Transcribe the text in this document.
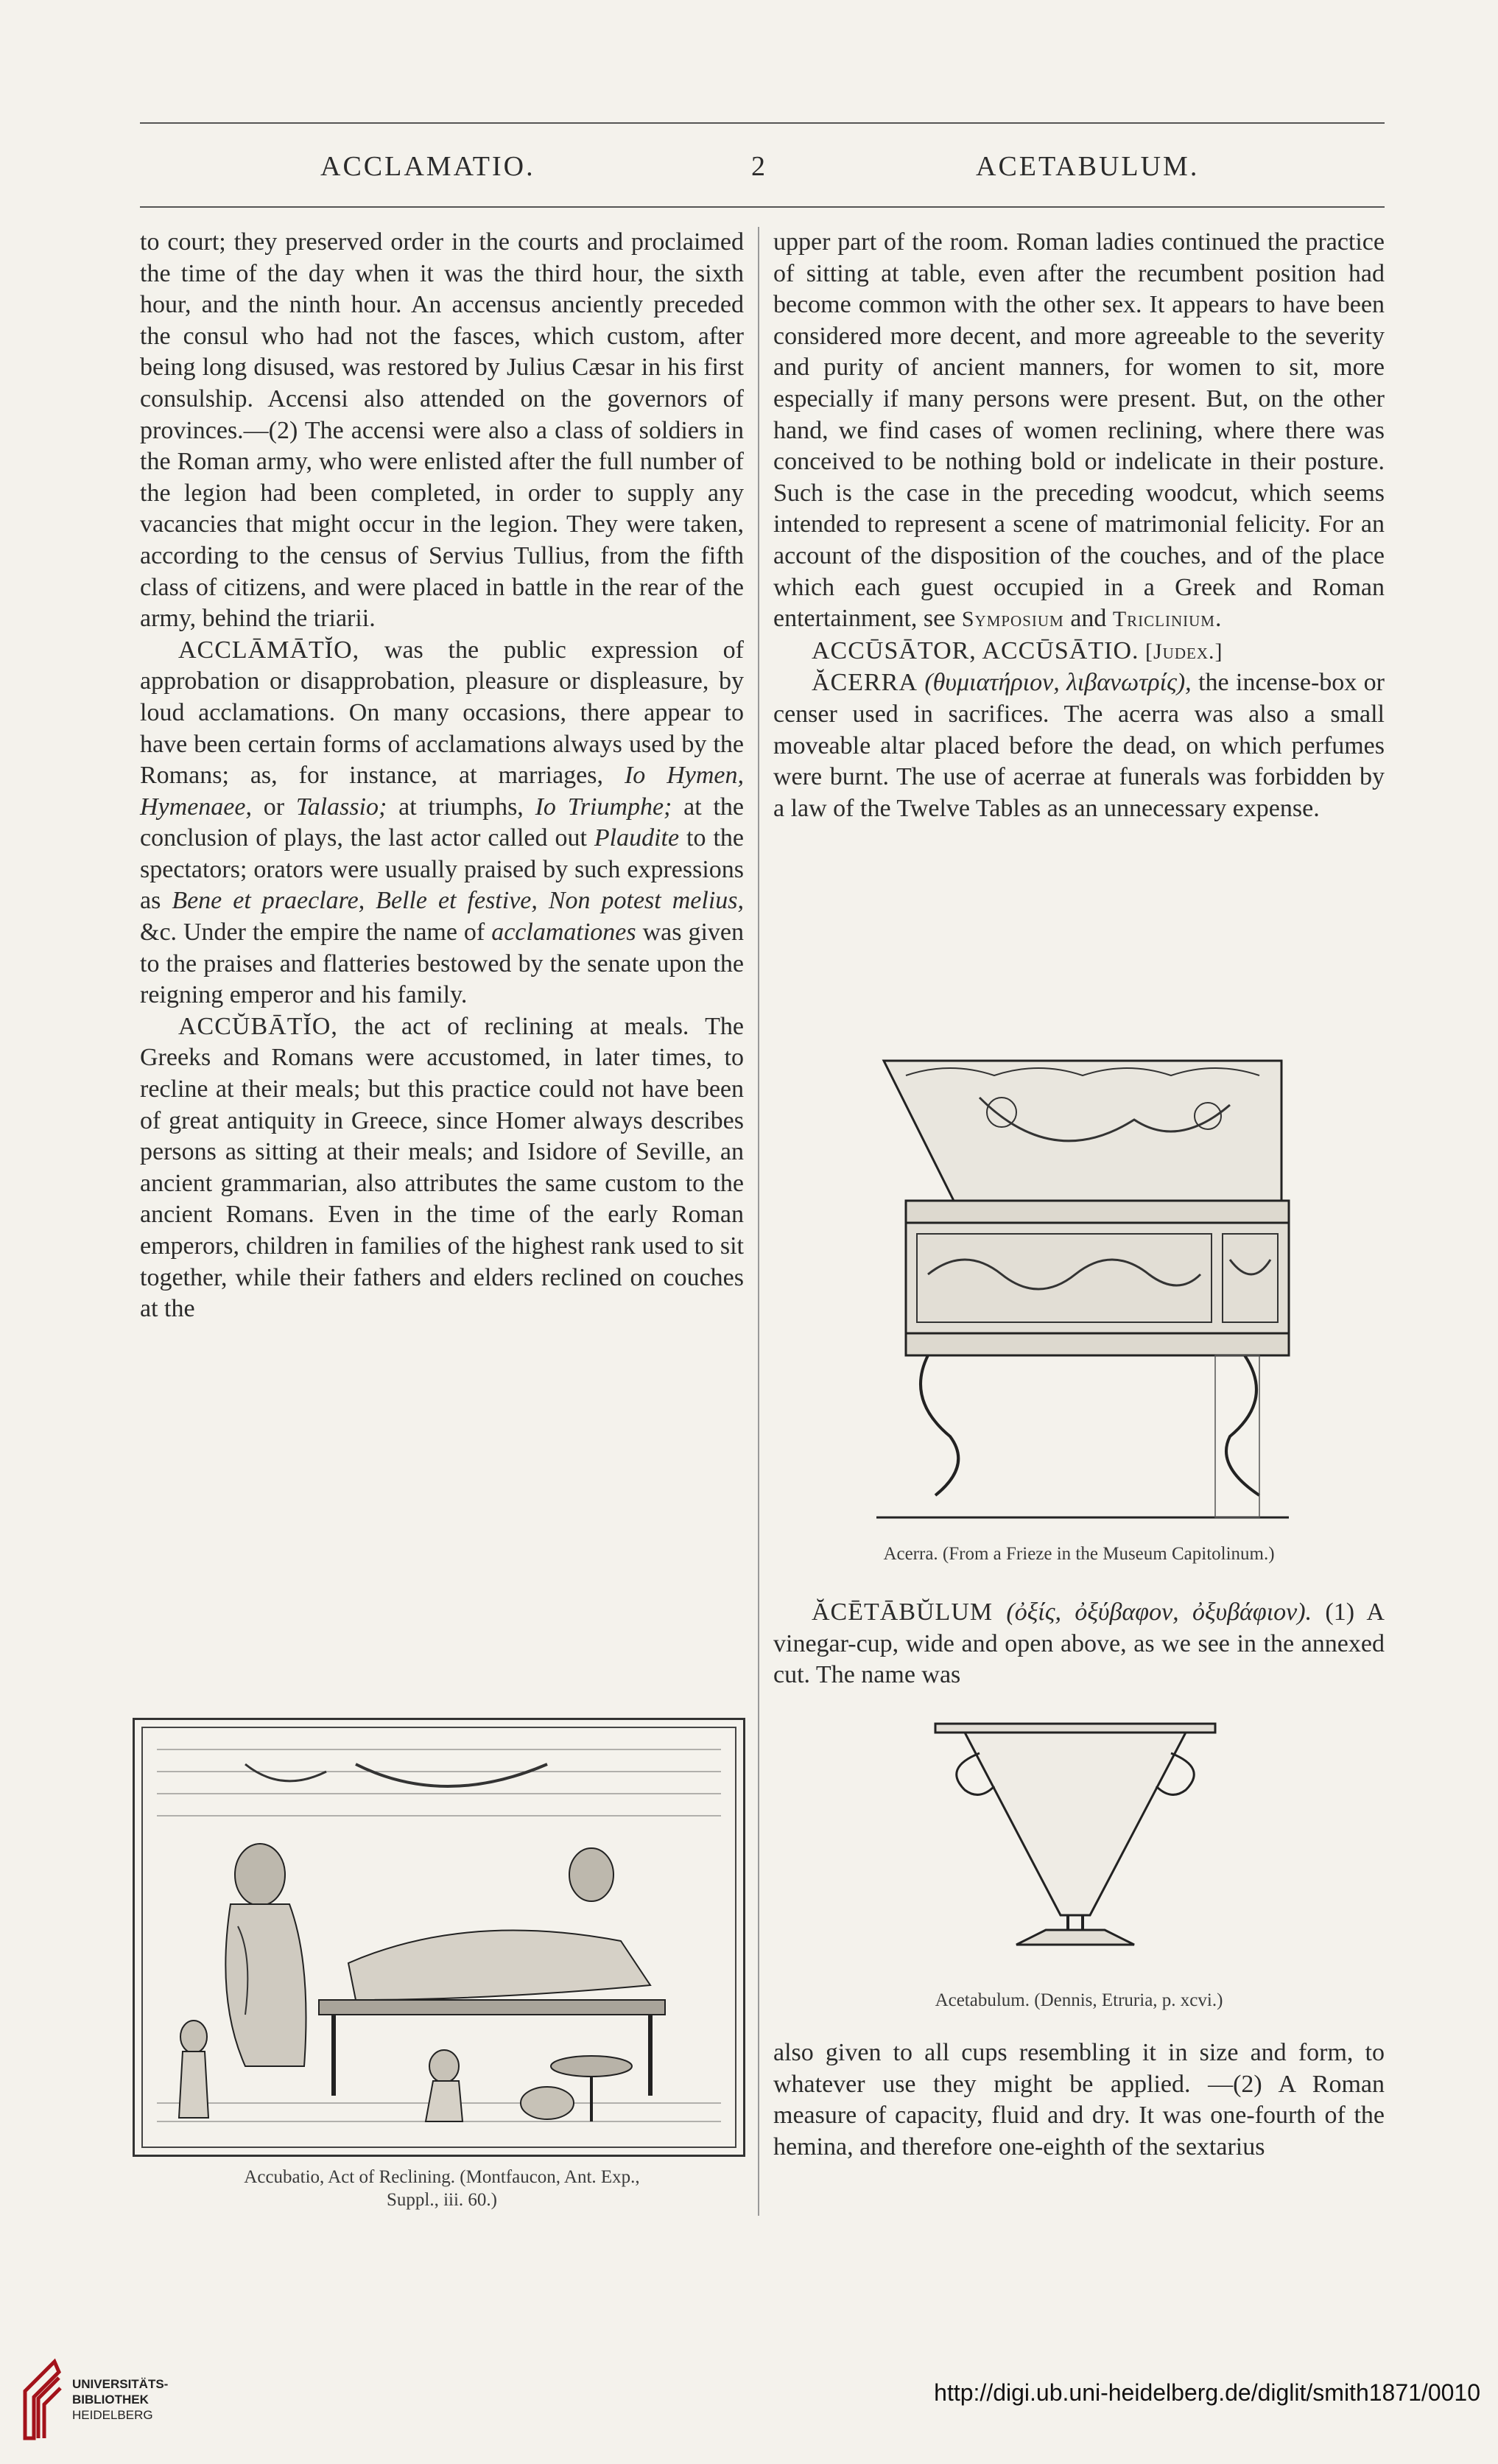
ACCLAMATIO.	2	ACETABULUM.

to court; they preserved order in the courts and proclaimed the time of the day when it was the third hour, the sixth hour, and the ninth hour. An accensus anciently preceded the consul who had not the fasces, which custom, after being long disused, was restored by Julius Cæsar in his first consulship. Accensi also attended on the governors of provinces.—(2) The accensi were also a class of soldiers in the Roman army, who were enlisted after the full number of the legion had been completed, in order to supply any vacancies that might occur in the legion. They were taken, according to the census of Servius Tullius, from the fifth class of citizens, and were placed in battle in the rear of the army, behind the triarii.

ACCLĀMĀTĬO, was the public expression of approbation or disapprobation, pleasure or displeasure, by loud acclamations. On many occasions, there appear to have been certain forms of acclamations always used by the Romans; as, for instance, at marriages, Io Hymen, Hymenaee, or Talassio; at triumphs, Io Triumphe; at the conclusion of plays, the last actor called out Plaudite to the spectators; orators were usually praised by such expressions as Bene et praeclare, Belle et festive, Non potest melius, &c. Under the empire the name of acclamationes was given to the praises and flatteries bestowed by the senate upon the reigning emperor and his family.

ACCŬBĀTĬO, the act of reclining at meals. The Greeks and Romans were accustomed, in later times, to recline at their meals; but this practice could not have been of great antiquity in Greece, since Homer always describes persons as sitting at their meals; and Isidore of Seville, an ancient grammarian, also attributes the same custom to the ancient Romans. Even in the time of the early Roman emperors, children in families of the highest rank used to sit together, while their fathers and elders reclined on couches at the

Accubatio, Act of Reclining. (Montfaucon, Ant. Exp.,
Suppl., iii. 60.)

upper part of the room. Roman ladies continued the practice of sitting at table, even after the recumbent position had become common with the other sex. It appears to have been considered more decent, and more agreeable to the severity and purity of ancient manners, for women to sit, more especially if many persons were present. But, on the other hand, we find cases of women reclining, where there was conceived to be nothing bold or indelicate in their posture. Such is the case in the preceding woodcut, which seems intended to represent a scene of matrimonial felicity. For an account of the disposition of the couches, and of the place which each guest occupied in a Greek and Roman entertainment, see Symposium and Triclinium.

ACCŪSĀTOR, ACCŪSĀTIO. [Judex.]

ĂCERRA (θυμιατήριον, λιβανωτρίς), the incense-box or censer used in sacrifices. The acerra was also a small moveable altar placed before the dead, on which perfumes were burnt. The use of acerrae at funerals was forbidden by a law of the Twelve Tables as an unnecessary expense.

Acerra. (From a Frieze in the Museum Capitolinum.)

ĂCĒTĀBŬLUM (ὀξίς, ὀξύβαφον, ὀξυβάφιον). (1) A vinegar-cup, wide and open above, as we see in the annexed cut. The name was

Acetabulum. (Dennis, Etruria, p. xcvi.)

also given to all cups resembling it in size and form, to whatever use they might be applied. —(2) A Roman measure of capacity, fluid and dry. It was one-fourth of the hemina, and therefore one-eighth of the sextarius

UNIVERSITÄTS-
BIBLIOTHEK
HEIDELBERG
http://digi.ub.uni-heidelberg.de/diglit/smith1871/0010
